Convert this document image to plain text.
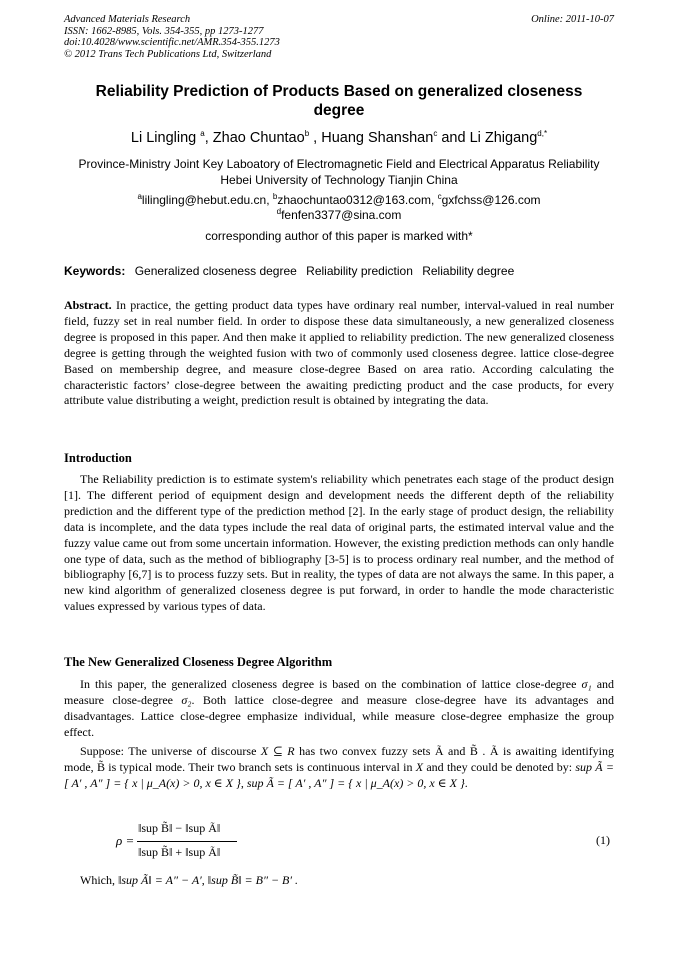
Advanced Materials Research
ISSN: 1662-8985, Vols. 354-355, pp 1273-1277
doi:10.4028/www.scientific.net/AMR.354-355.1273
© 2012 Trans Tech Publications Ltd, Switzerland
Online: 2011-10-07
Reliability Prediction of Products Based on generalized closeness degree
Li Lingling $^a$, Zhao Chuntao$^b$ , Huang Shanshan$^c$ and Li Zhigang$^{d,*}$
Province-Ministry Joint Key Laboatory of Electromagnetic Field and Electrical Apparatus Reliability
Hebei University of Technology Tianjin China
$^a$lilingling@hebut.edu.cn, $^b$zhaochuntao0312@163.com, $^c$gxfchss@126.com
$^d$fenfen3377@sina.com
corresponding author of this paper is marked with*
Keywords: Generalized closeness degree Reliability prediction Reliability degree
Abstract. In practice, the getting product data types have ordinary real number, interval-valued in real number field, fuzzy set in real number field. In order to dispose these data simultaneously, a new generalized closeness degree is proposed in this paper. And then make it applied to reliability prediction. The new generalized closeness degree is getting through the weighted fusion with two of commonly used closeness degree. lattice close-degree Based on membership degree, and measure close-degree Based on area ratio. According calculating the characteristic factors’ close-degree between the awaiting predicting product and the case products, for every attribute value distributing a weight, prediction result is obtained by integrating the data.
Introduction
The Reliability prediction is to estimate system's reliability which penetrates each stage of the product design [1]. The different period of equipment design and development needs the different depth of the reliability prediction and the different type of the prediction method [2]. In the early stage of product design, the reliability data is incomplete, and the data types include the real data of original parts, the estimated interval value and the fuzzy value came out from some uncertain information. However, the existing prediction methods can only handle one type of data, such as the method of bibliography [3-5] is to process ordinary real number, and the method of bibliography [6,7] is to process fuzzy sets. But in reality, the types of data are not always the same. In this paper, a new kind algorithm of generalized closeness degree is put forward, in order to handle the mode characteristic values expressed by various types of data.
The New Generalized Closeness Degree Algorithm
In this paper, the generalized closeness degree is based on the combination of lattice close-degree σ₁ and measure close-degree σ₂. Both lattice close-degree and measure close-degree have its advantages and disadvantages. Lattice close-degree emphasize individual, while measure close-degree emphasize the group effect.
Suppose: The universe of discourse X ⊆ R has two convex fuzzy sets Ã and B̃ . Ã is awaiting identifying mode, B̃ is typical mode. Their two branch sets is continuous interval in X and they could be denoted by: sup Ã = [ A′ , A″ ] = { x | μ_A(x) > 0, x ∈ X }, sup Ã = [ A′ , A″ ] = { x | μ_A(x) > 0, x ∈ X }.
ρ =
‖sup B̃‖ − ‖sup Ã‖
‖sup B̃‖ + ‖sup Ã‖
(1)
Which, ‖sup Ã‖ = A″ − A′, ‖sup B̃‖ = B″ − B′ .
